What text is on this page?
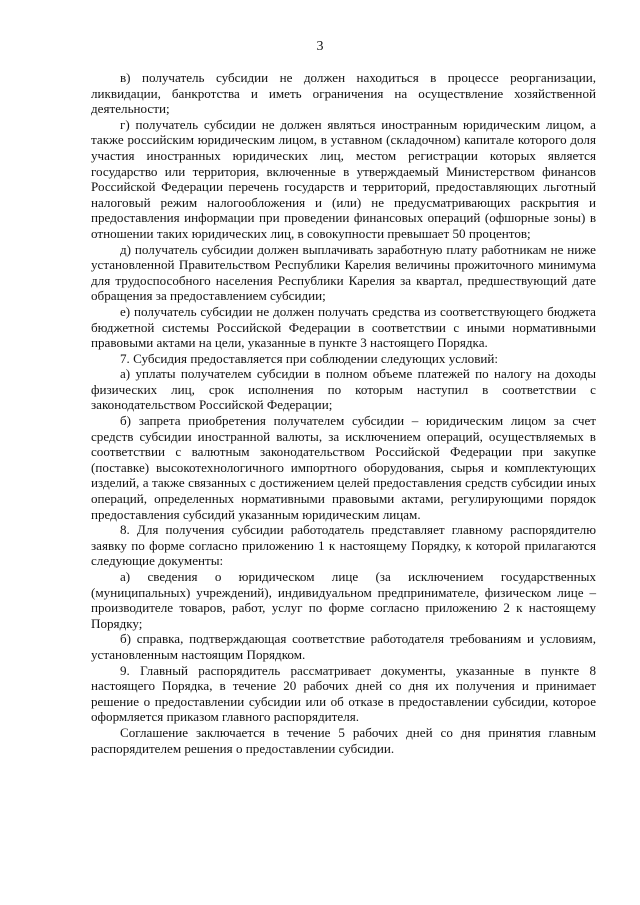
3

в) получатель субсидии не должен находиться в процессе реорганизации, ликвидации, банкротства и иметь ограничения на осуществление хозяйственной деятельности;

г) получатель субсидии не должен являться иностранным юридическим лицом, а также российским юридическим лицом, в уставном (складочном) капитале которого доля участия иностранных юридических лиц, местом регистрации которых является государство или территория, включенные в утверждаемый Министерством финансов Российской Федерации перечень государств и территорий, предоставляющих льготный налоговый режим налогообложения и (или) не предусматривающих раскрытия и предоставления информации при проведении финансовых операций (офшорные зоны) в отношении таких юридических лиц, в совокупности превышает 50 процентов;

д) получатель субсидии должен выплачивать заработную плату работникам не ниже установленной Правительством Республики Карелия величины прожиточного минимума для трудоспособного населения Республики Карелия за квартал, предшествующий дате обращения за предоставлением субсидии;

е) получатель субсидии не должен получать средства из соответствующего бюджета бюджетной системы Российской Федерации в соответствии с иными нормативными правовыми актами на цели, указанные в пункте 3 настоящего Порядка.

7. Субсидия предоставляется при соблюдении следующих условий:

а) уплаты получателем субсидии в полном объеме платежей по налогу на доходы физических лиц, срок исполнения по которым наступил в соответствии с законодательством Российской Федерации;

б) запрета приобретения получателем субсидии – юридическим лицом за счет средств субсидии иностранной валюты, за исключением операций, осуществляемых в соответствии с валютным законодательством Российской Федерации при закупке (поставке) высокотехнологичного импортного оборудования, сырья и комплектующих изделий, а также связанных с достижением целей предоставления средств субсидии иных операций, определенных нормативными правовыми актами, регулирующими порядок предоставления субсидий указанным юридическим лицам.

8. Для получения субсидии работодатель представляет главному распорядителю заявку по форме согласно приложению 1 к настоящему Порядку, к которой прилагаются следующие документы:

а) сведения о юридическом лице (за исключением государственных (муниципальных) учреждений), индивидуальном предпринимателе, физическом лице – производителе товаров, работ, услуг по форме согласно приложению 2 к настоящему Порядку;

б) справка, подтверждающая соответствие работодателя требованиям и условиям, установленным настоящим Порядком.

9. Главный распорядитель рассматривает документы, указанные в пункте 8 настоящего Порядка, в течение 20 рабочих дней со дня их получения и принимает решение о предоставлении субсидии или об отказе в предоставлении субсидии, которое оформляется приказом главного распорядителя.

Соглашение заключается в течение 5 рабочих дней со дня принятия главным распорядителем решения о предоставлении субсидии.
